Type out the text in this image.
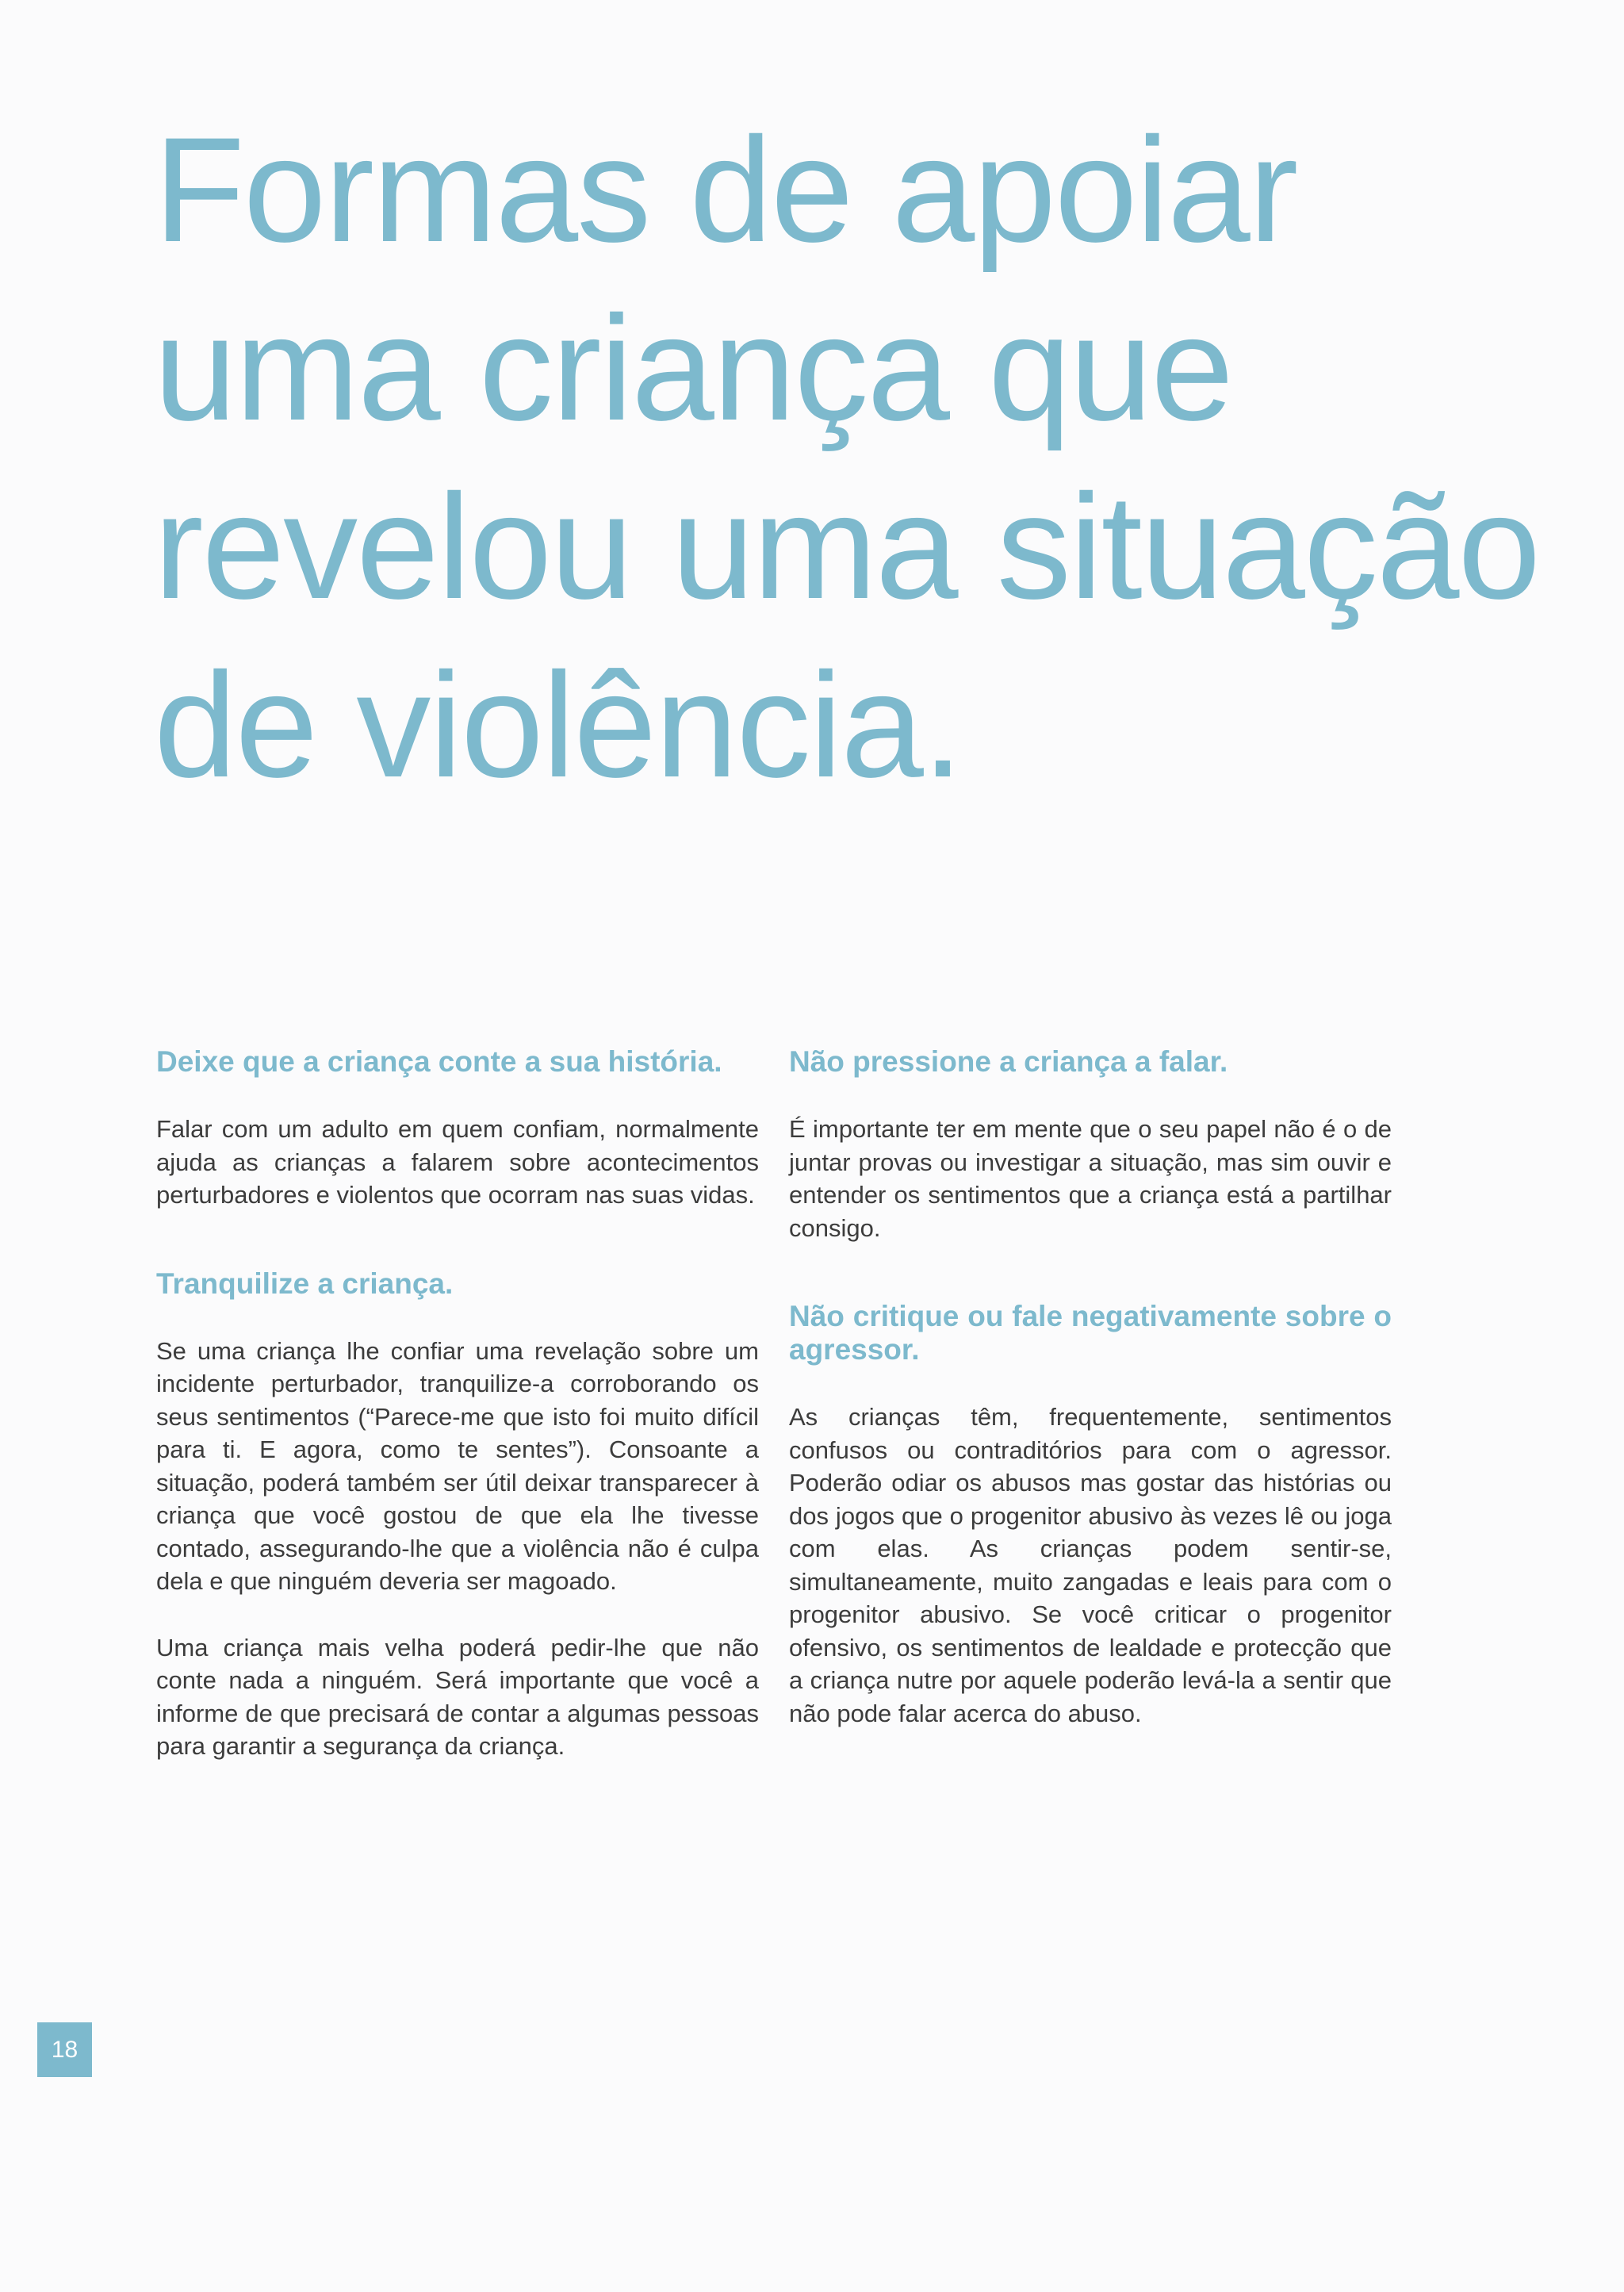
Formas de apoiar
uma criança que
revelou uma situação
de violência.
Deixe que a criança conte a sua história.

Falar com um adulto em quem confiam, normalmente ajuda as crianças a falarem sobre acontecimentos perturbadores e violentos que ocorram nas suas vidas.

Tranquilize a criança.

Se uma criança lhe confiar uma revelação sobre um incidente perturbador, tranquilize-a corroborando os seus sentimentos (“Parece-me que isto foi muito difícil para ti. E agora, como te sentes”). Consoante a situação, poderá também ser útil deixar transparecer à criança que você gostou de que ela lhe tivesse contado, assegurando-lhe que a violência não é culpa dela e que ninguém deveria ser magoado.

Uma criança mais velha poderá pedir-lhe que não conte nada a ninguém. Será importante que você a informe de que precisará de contar a algumas pessoas para garantir a segurança da criança.

Não pressione a criança a falar.

É importante ter em mente que o seu papel não é o de juntar provas ou investigar a situação, mas sim ouvir e entender os sentimentos que a criança está a partilhar consigo.

Não critique ou fale negativamente sobre o agressor.

As crianças têm, frequentemente, sentimentos confusos ou contraditórios para com o agressor. Poderão odiar os abusos mas gostar das histórias ou dos jogos que o progenitor abusivo às vezes lê ou joga com elas. As crianças podem sentir-se, simultaneamente, muito zangadas e leais para com o progenitor abusivo. Se você criticar o progenitor ofensivo, os sentimentos de lealdade e protecção que a criança nutre por aquele poderão levá-la a sentir que não pode falar acerca do abuso.

18
